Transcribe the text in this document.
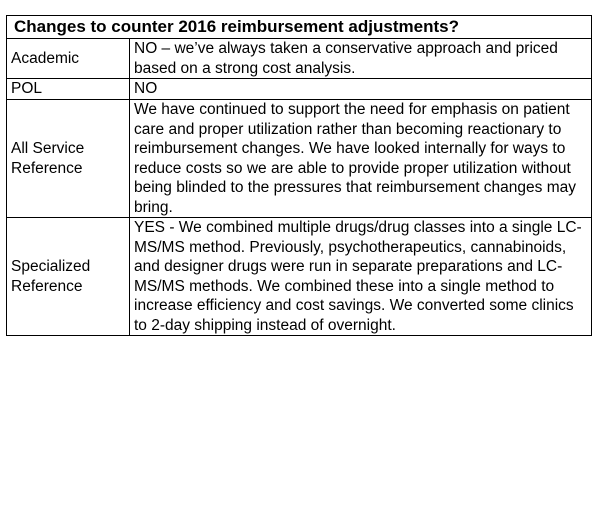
Changes to counter 2016 reimbursement adjustments?	
Academic	NO – we’ve always taken a conservative approach and priced based on a strong cost analysis.
POL	NO
All Service Reference	We have continued to support the need for emphasis on patient care and proper utilization rather than becoming reactionary to reimbursement changes. We have looked internally for ways to reduce costs so we are able to provide proper utilization without being blinded to the pressures that reimbursement changes may bring.
Specialized Reference	YES - We combined multiple drugs/drug classes into a single LC-MS/MS method. Previously, psychotherapeutics, cannabinoids, and designer drugs were run in separate preparations and LC-MS/MS methods. We combined these into a single method to increase efficiency and cost savings. We converted some clinics to 2-day shipping instead of overnight.
